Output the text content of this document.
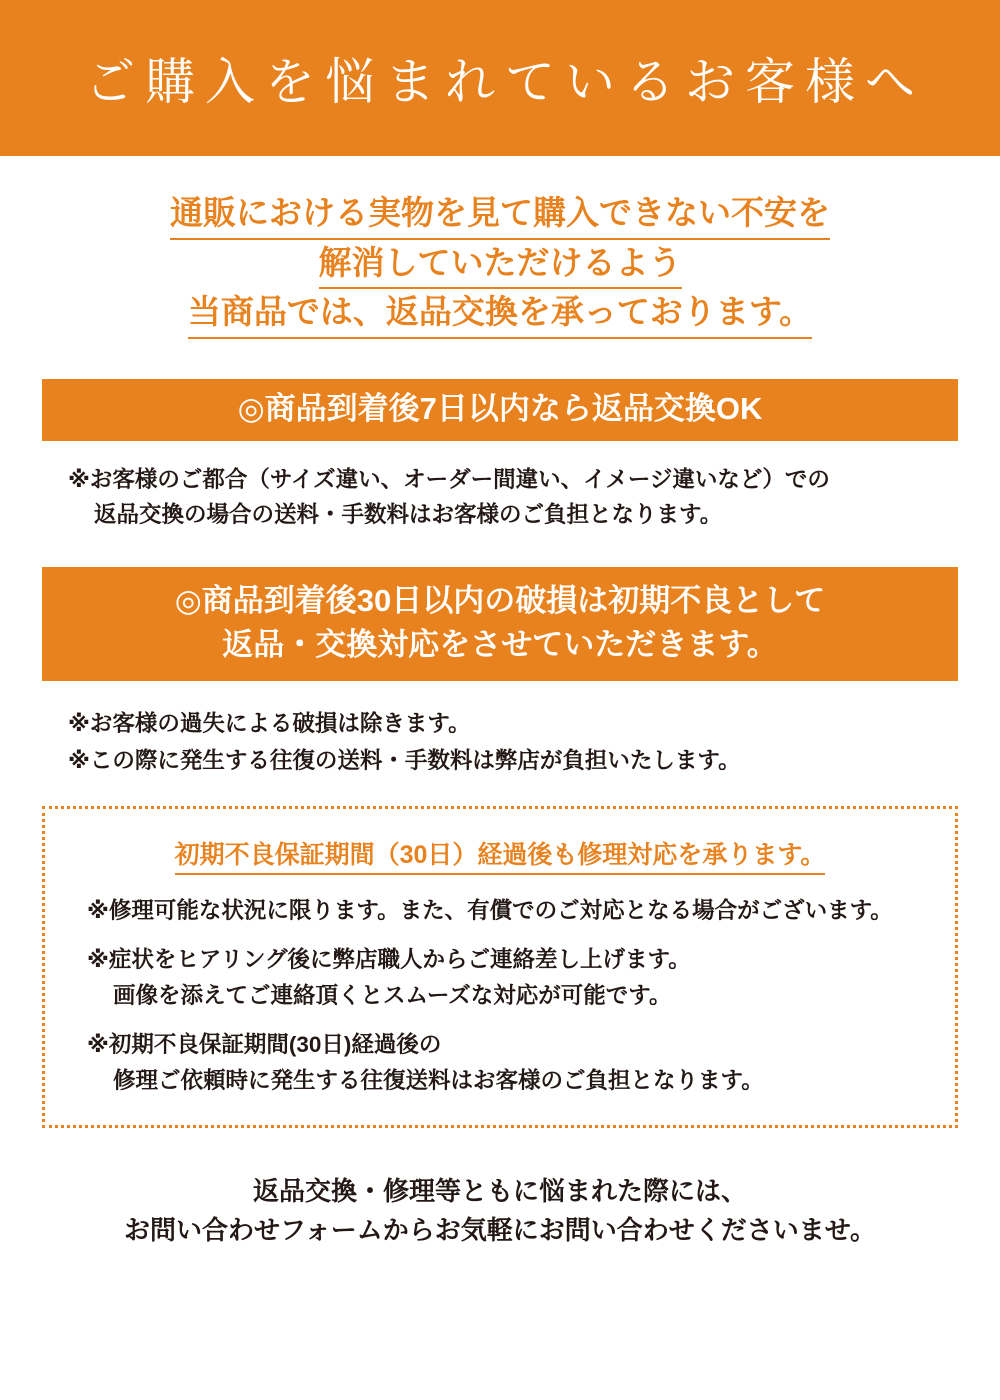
ご購入を悩まれているお客様へ
通販における実物を見て購入できない不安を
解消していただけるよう
当商品では、返品交換を承っております。
◎商品到着後7日以内なら返品交換OK
※お客様のご都合（サイズ違い、オーダー間違い、イメージ違いなど）での
返品交換の場合の送料・手数料はお客様のご負担となります。
◎商品到着後30日以内の破損は初期不良として
返品・交換対応をさせていただきます。
※お客様の過失による破損は除きます。
※この際に発生する往復の送料・手数料は弊店が負担いたします。
初期不良保証期間（30日）経過後も修理対応を承ります。
※修理可能な状況に限ります。また、有償でのご対応となる場合がございます。
※症状をヒアリング後に弊店職人からご連絡差し上げます。
画像を添えてご連絡頂くとスムーズな対応が可能です。
※初期不良保証期間(30日)経過後の
修理ご依頼時に発生する往復送料はお客様のご負担となります。
返品交換・修理等ともに悩まれた際には、
お問い合わせフォームからお気軽にお問い合わせくださいませ。
